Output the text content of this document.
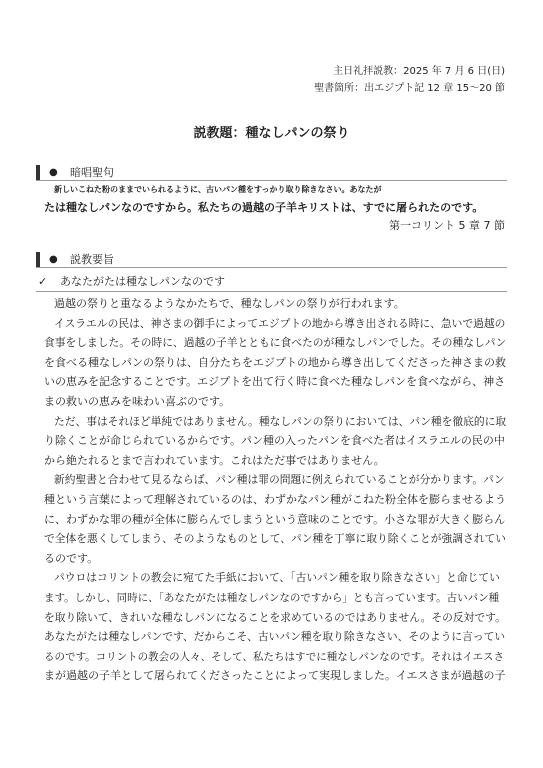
主日礼拝説教：2025 年 7 月 6 日(日)
聖書箇所：出エジプト記 12 章 15～20 節
説教題：種なしパンの祭り
● 暗唱聖句
新しいこねた粉のままでいられるように、古いパン種をすっかり取り除きなさい。あなたが
たは種なしパンなのですから。私たちの過越の子羊キリストは、すでに屠られたのです。
第一コリント 5 章 7 節
● 説教要旨
✓ あなたがたは種なしパンなのです
過越の祭りと重なるようなかたちで、種なしパンの祭りが行われます。
イスラエルの民は、神さまの御手によってエジプトの地から導き出される時に、急いで過越の
食事をしました。その時に、過越の子羊とともに食べたのが種なしパンでした。その種なしパン
を食べる種なしパンの祭りは、自分たちをエジプトの地から導き出してくださった神さまの救
いの恵みを記念することです。エジプトを出て行く時に食べた種なしパンを食べながら、神さ
まの救いの恵みを味わい喜ぶのです。
ただ、事はそれほど単純ではありません。種なしパンの祭りにおいては、パン種を徹底的に取
り除くことが命じられているからです。パン種の入ったパンを食べた者はイスラエルの民の中
から絶たれるとまで言われています。これはただ事ではありません。
新約聖書と合わせて見るならば、パン種は罪の問題に例えられていることが分かります。パン
種という言葉によって理解されているのは、わずかなパン種がこねた粉全体を膨らませるよう
に、わずかな罪の種が全体に膨らんでしまうという意味のことです。小さな罪が大きく膨らん
で全体を悪くしてしまう、そのようなものとして、パン種を丁寧に取り除くことが強調されてい
るのです。
パウロはコリントの教会に宛てた手紙において、「古いパン種を取り除きなさい」と命じてい
ます。しかし、同時に、「あなたがたは種なしパンなのですから」とも言っています。古いパン種
を取り除いて、きれいな種なしパンになることを求めているのではありません。その反対です。
あなたがたは種なしパンです、だからこそ、古いパン種を取り除きなさい、そのように言ってい
るのです。コリントの教会の人々、そして、私たちはすでに種なしパンなのです。それはイエスさ
まが過越の子羊として屠られてくださったことによって実現しました。イエスさまが過越の子
